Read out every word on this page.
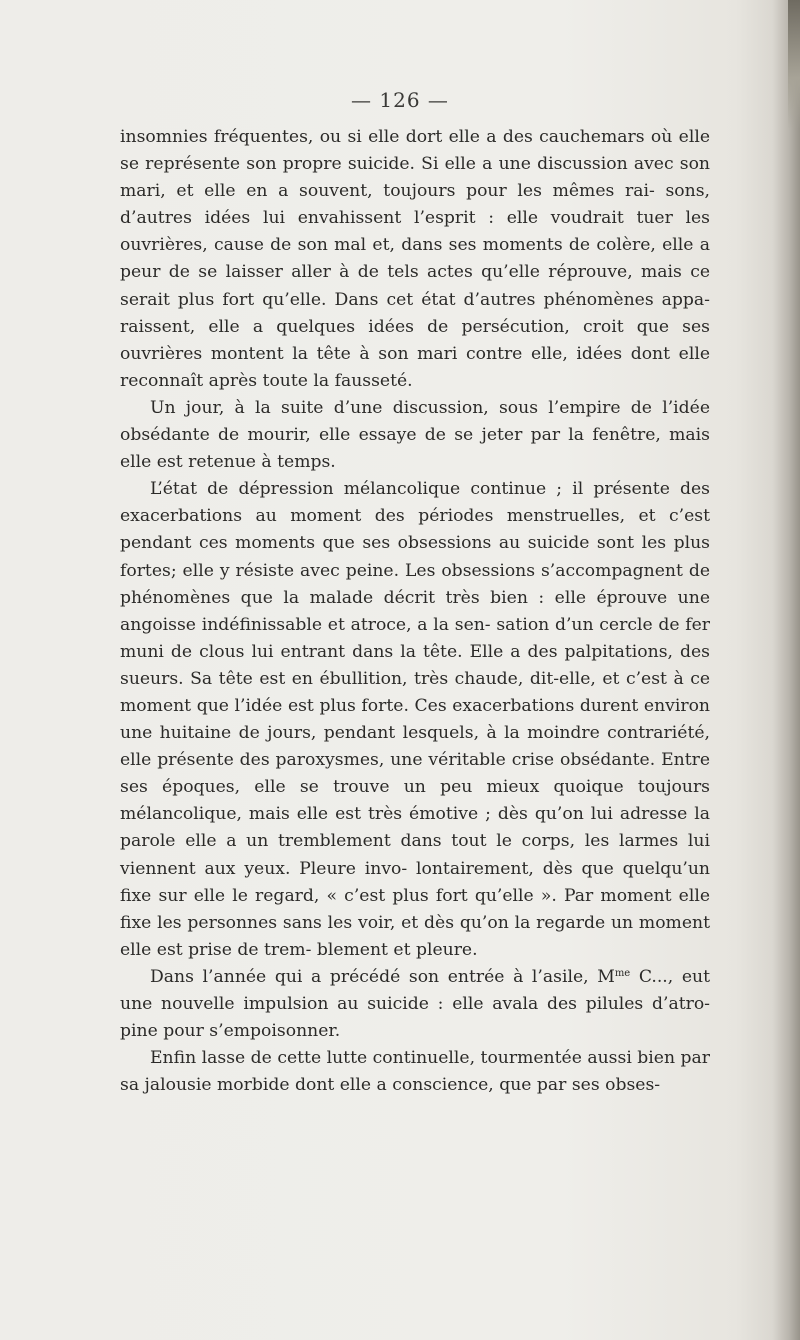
— 126 —

insomnies fréquentes, ou si elle dort elle a des cauchemars où elle se représente son propre suicide. Si elle a une discussion avec son mari, et elle en a souvent, toujours pour les mêmes rai- sons, d’autres idées lui envahissent l’esprit : elle voudrait tuer les ouvrières, cause de son mal et, dans ses moments de colère, elle a peur de se laisser aller à de tels actes qu’elle réprouve, mais ce serait plus fort qu’elle. Dans cet état d’autres phénomènes appa- raissent, elle a quelques idées de persécution, croit que ses ouvrières montent la tête à son mari contre elle, idées dont elle reconnaît après toute la fausseté.

Un jour, à la suite d’une discussion, sous l’empire de l’idée obsédante de mourir, elle essaye de se jeter par la fenêtre, mais elle est retenue à temps.

L’état de dépression mélancolique continue ; il présente des exacerbations au moment des périodes menstruelles, et c’est pendant ces moments que ses obsessions au suicide sont les plus fortes; elle y résiste avec peine. Les obsessions s’accompagnent de phénomènes que la malade décrit très bien : elle éprouve une angoisse indéfinissable et atroce, a la sen- sation d’un cercle de fer muni de clous lui entrant dans la tête. Elle a des palpitations, des sueurs. Sa tête est en ébullition, très chaude, dit-elle, et c’est à ce moment que l’idée est plus forte. Ces exacerbations durent environ une huitaine de jours, pendant lesquels, à la moindre contrariété, elle présente des paroxysmes, une véritable crise obsédante. Entre ses époques, elle se trouve un peu mieux quoique toujours mélancolique, mais elle est très émotive ; dès qu’on lui adresse la parole elle a un tremblement dans tout le corps, les larmes lui viennent aux yeux. Pleure invo- lontairement, dès que quelqu’un fixe sur elle le regard, « c’est plus fort qu’elle ». Par moment elle fixe les personnes sans les voir, et dès qu’on la regarde un moment elle est prise de trem- blement et pleure.

Dans l’année qui a précédé son entrée à l’asile, $M^{me}$ C..., eut une nouvelle impulsion au suicide : elle avala des pilules d’atro- pine pour s’empoisonner.

Enfin lasse de cette lutte continuelle, tourmentée aussi bien par sa jalousie morbide dont elle a conscience, que par ses obses-
